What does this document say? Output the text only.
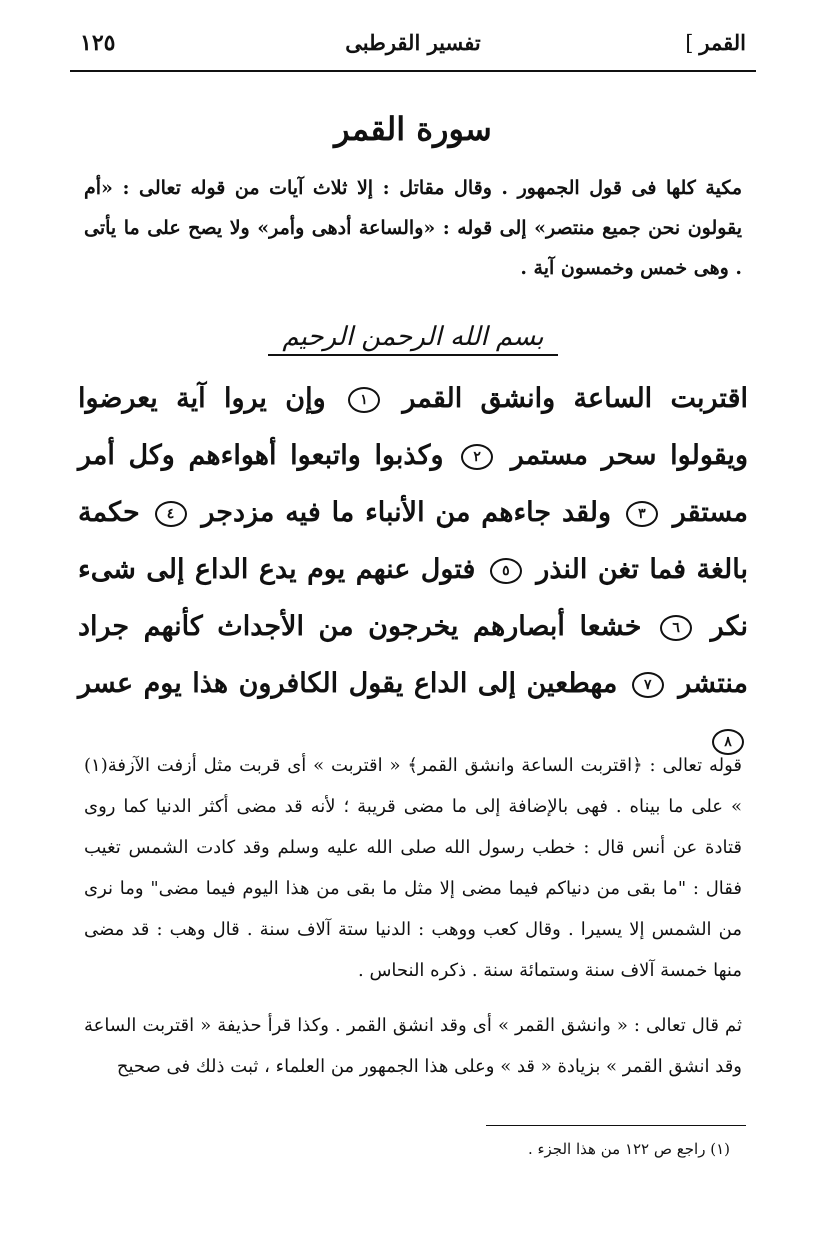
القمر]
تفسير القرطبى
١٢٥
سورة القمر
مكية كلها فى قول الجمهور . وقال مقاتل : إلا ثلاث آيات من قوله تعالى : «أم يقولون نحن جميع منتصر» إلى قوله : «والساعة أدهى وأمر» ولا يصح على ما يأتى . وهى خمس وخمسون آية .
بسم الله الرحمن الرحيم
اقتربت الساعة وانشق القمر ١ وإن يروا آية يعرضوا ويقولوا سحر مستمر ٢ وكذبوا واتبعوا أهواءهم وكل أمر مستقر ٣ ولقد جاءهم من الأنباء ما فيه مزدجر ٤ حكمة بالغة فما تغن النذر ٥ فتول عنهم يوم يدع الداع إلى شىء نكر ٦ خشعا أبصارهم يخرجون من الأجداث كأنهم جراد منتشر ٧ مهطعين إلى الداع يقول الكافرون هذا يوم عسر ٨

قوله تعالى : ﴿اقتربت الساعة وانشق القمر﴾ « اقتربت » أى قربت مثل أزفت الآزفة(١) » على ما بيناه . فهى بالإضافة إلى ما مضى قريبة ؛ لأنه قد مضى أكثر الدنيا كما روى قتادة عن أنس قال : خطب رسول الله صلى الله عليه وسلم وقد كادت الشمس تغيب فقال : "ما بقى من دنياكم فيما مضى إلا مثل ما بقى من هذا اليوم فيما مضى" وما نرى من الشمس إلا يسيرا . وقال كعب ووهب : الدنيا ستة آلاف سنة . قال وهب : قد مضى منها خمسة آلاف سنة وستمائة سنة . ذكره النحاس .

ثم قال تعالى : « وانشق القمر » أى وقد انشق القمر . وكذا قرأ حذيفة « اقتربت الساعة وقد انشق القمر » بزيادة « قد » وعلى هذا الجمهور من العلماء ، ثبت ذلك فى صحيح

(١) راجع ص ١٢٢ من هذا الجزء .
